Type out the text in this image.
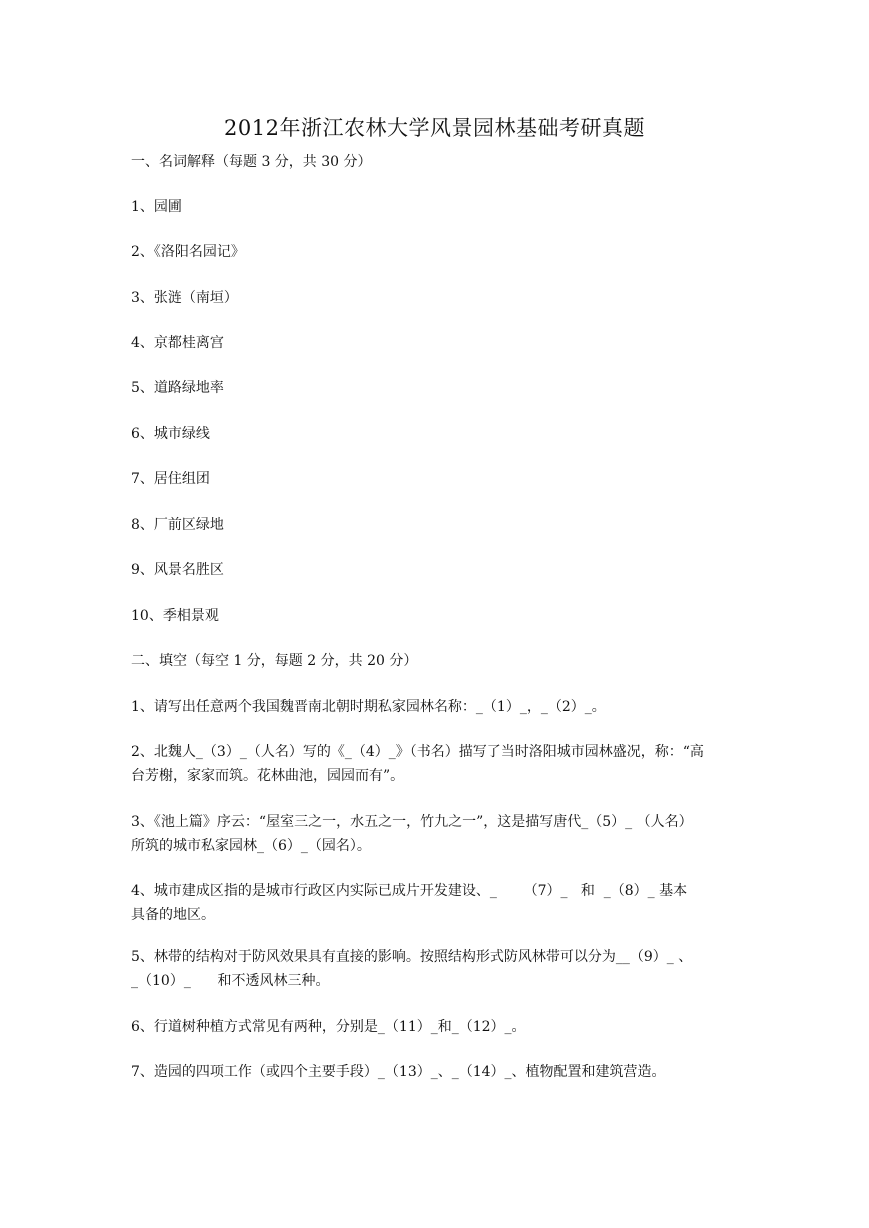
2012年浙江农林大学风景园林基础考研真题
一、名词解释（每题 3 分，共 30 分）
1、园圃
2、《洛阳名园记》
3、张涟（南垣）
4、京都桂离宫
5、道路绿地率
6、城市绿线
7、居住组团
8、厂前区绿地
9、风景名胜区
10、季相景观
二、填空（每空 1 分，每题 2 分，共 20 分）
1、请写出任意两个我国魏晋南北朝时期私家园林名称：_（1）_，_（2）_。
2、北魏人_（3）_（人名）写的《_（4）_》（书名）描写了当时洛阳城市园林盛况，称：“高
台芳榭，家家而筑。花林曲池，园园而有”。
3、《池上篇》序云：“屋室三之一，水五之一，竹九之一”，这是描写唐代_（5）_ （人名）
所筑的城市私家园林_（6）_（园名）。
4、城市建成区指的是城市行政区内实际已成片开发建设、_      （7）_   和  _（8）_ 基本
具备的地区。
5、林带的结构对于防风效果具有直接的影响。按照结构形式防风林带可以分为__（9）_ 、
_（10）_      和不透风林三种。
6、行道树种植方式常见有两种，分别是_（11）_和_（12）_。
7、造园的四项工作（或四个主要手段）_（13）_、_（14）_、植物配置和建筑营造。
